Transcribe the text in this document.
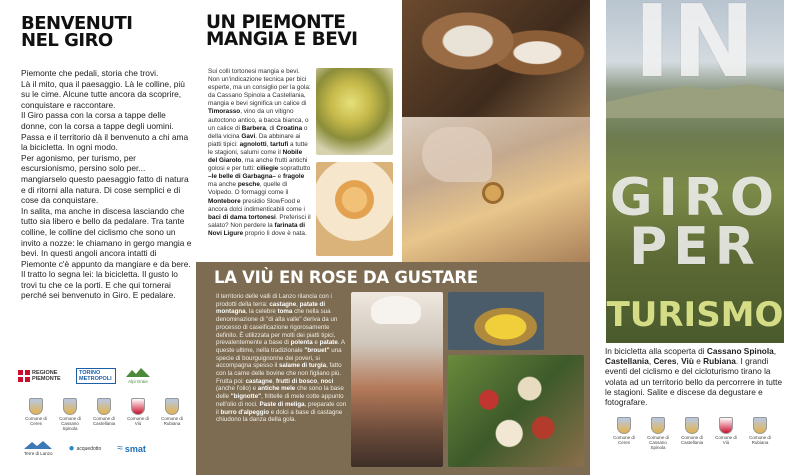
BENVENUTI
NEL GIRO

Piemonte che pedali, storia che trovi.

Là il mito, qua il paesaggio. Là le colline, più su le cime. Alcune tutte ancora da scoprire, conquistare e raccontare.

Il Giro passa con la corsa a tappe delle donne, con la corsa a tappe degli uomini. Passa e il territorio dà il benvenuto a chi ama la bicicletta. In ogni modo.

Per agonismo, per turismo, per escursionismo, persino solo per... mangiarselo questo paesaggio fatto di natura e di ritorni alla natura. Di cose semplici e di cose da conquistare.

In salita, ma anche in discesa lasciando che tutto sia libero e bello da pedalare. Tra tante colline, le colline del ciclismo che sono un invito a nozze: le chiamano in gergo mangia e bevi. In questi angoli ancora intatti di Piemonte c'è appunto da mangiare e da bere. Il tratto lo segna lei: la bicicletta. Il gusto lo trovi tu che ce la porti. E che qui tornerai perché sei benvenuto in Giro. E pedalare.

REGIONE PIEMONTE
TORINO METROPOLI	Alpi Graie
Comune di Ceres
Comune di Cassano Spinola
Comune di Castellania
Comune di Viù
Comune di Rubiana
Terre di Lanzo ● acquedotto ≈ smat
UN PIEMONTE
MANGIA E BEVI
Sui colli tortonesi mangia e bevi. Non un'indicazione tecnica per bici esperte, ma un consiglio per la gola: da Cassano Spinola a Castellania, mangia e bevi significa un calice di Timorasso, vino da un vitigno autoctono antico, a bacca bianca, o un calice di Barbera, di Croatina o della vicina Gavi. Da abbinare ai piatti tipici: agnolotti, tartufi a tutte le stagioni, salumi come il Nobile del Giarolo, ma anche frutti antichi golosi e per tutti: ciliegie soprattutto –le belle di Garbagna– e fragole ma anche pesche, quelle di Volpedo. O formaggi come il Montebore presidio SlowFood e ancora dolci indimenticabili come i baci di dama tortonesi. Preferisci il salato? Non perdere la farinata di Novi Ligure proprio lì dove è nata.
LA VIÙ EN ROSE DA GUSTARE
Il territorio delle valli di Lanzo rilancia con i prodotti della terra: castagne, patate di montagna, la celebre toma che nella sua denominazione di "di alta valle" deriva da un processo di caseificazione rigorosamente definito. È utilizzata per molti dei piatti tipici, prevalentemente a base di polenta e patate. A queste ultime, nella tradizionale "brouet" una specie di bourguignonne dei poveri, si accompagna spesso il salame di turgia, fatto con la carne delle bovine che non figliano più. Frutta poi: castagne, frutti di bosco, noci (anche l'olio) e antiche mele che sono la base delle "bignotte", frittelle di mele cotte appunto nell'olio di noci. Paste di meliga, preparate con il burro d'alpeggio e dolci a base di castagne chiudono la danza della gola.
IN
GIRO
PER
TURISMO
In bicicletta alla scoperta di Cassano Spinola, Castellania, Ceres, Viù e Rubiana. I grandi eventi del ciclismo e del cicloturismo tirano la volata ad un territorio bello da percorrere in tutte le stagioni. Salite e discese da degustare e fotografare.
Comune di Ceres
Comune di Cassano Spinola
Comune di Castellania
Comune di Viù
Comune di Rubiana
